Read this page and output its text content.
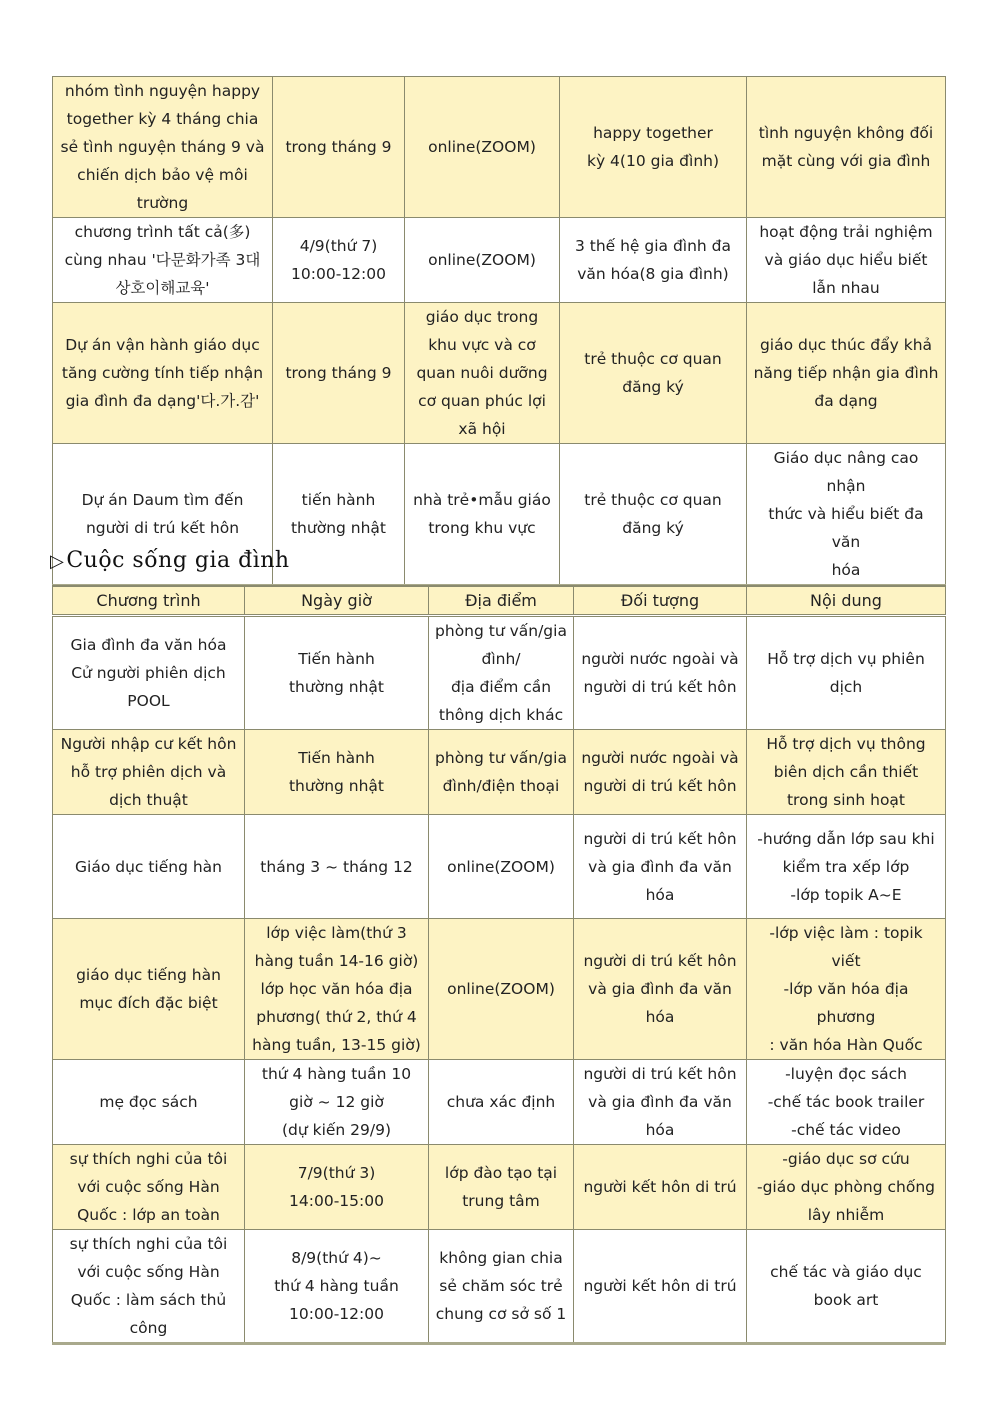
nhóm tình nguyện happy
together kỳ 4 tháng chia
sẻ tình nguyện tháng 9 và
chiến dịch bảo vệ môi
trường	trong tháng 9	online(ZOOM)	happy together
kỳ 4(10 gia đình)	tình nguyện không đối
mặt cùng với gia đình

chương trình tất cả(多)
cùng nhau '다문화가족 3대
상호이해교육'	4/9(thứ 7)
10:00-12:00	online(ZOOM)	3 thế hệ gia đình đa
văn hóa(8 gia đình)	hoạt động trải nghiệm
và giáo dục hiểu biết
lẫn nhau

Dự án vận hành giáo dục
tăng cường tính tiếp nhận
gia đình đa dạng'다.가.감'	trong tháng 9	giáo dục trong
khu vực và cơ
quan nuôi dưỡng
cơ quan phúc lợi
xã hội	trẻ thuộc cơ quan
đăng ký	giáo dục thúc đẩy khả
năng tiếp nhận gia đình
đa dạng

Dự án Daum tìm đến
người di trú kết hôn	tiến hành
thường nhật	nhà trẻ•mẫu giáo
trong khu vực	trẻ thuộc cơ quan
đăng ký	Giáo dục nâng cao nhận
thức và hiểu biết đa văn
hóa
▷Cuộc sống gia đình
Chương trình	Ngày giờ	Địa điểm	Đối tượng	Nội dung

Gia đình đa văn hóa
Cử người phiên dịch
POOL	Tiến hành
thường nhật	phòng tư vấn/gia
đình/
địa điểm cần
thông dịch khác	người nước ngoài và
người di trú kết hôn	Hỗ trợ dịch vụ phiên
dịch

Người nhập cư kết hôn
hỗ trợ phiên dịch và
dịch thuật	Tiến hành
thường nhật	phòng tư vấn/gia
đình/điện thoại	người nước ngoài và
người di trú kết hôn	Hỗ trợ dịch vụ thông
biên dịch cần thiết
trong sinh hoạt

Giáo dục tiếng hàn	tháng 3 ~ tháng 12	online(ZOOM)	người di trú kết hôn
và gia đình đa văn
hóa	-hướng dẫn lớp sau khi
kiểm tra xếp lớp
-lớp topik A~E

giáo dục tiếng hàn
mục đích đặc biệt	lớp việc làm(thứ 3
hàng tuần 14-16 giờ)
lớp học văn hóa địa
phương( thứ 2, thứ 4
hàng tuần, 13-15 giờ)	online(ZOOM)	người di trú kết hôn
và gia đình đa văn
hóa	-lớp việc làm : topik viết
-lớp văn hóa địa phương
: văn hóa Hàn Quốc

mẹ đọc sách	thứ 4 hàng tuần 10
giờ ~ 12 giờ
(dự kiến 29/9)	chưa xác định	người di trú kết hôn
và gia đình đa văn
hóa	-luyện đọc sách
-chế tác book trailer
-chế tác video

sự thích nghi của tôi
với cuộc sống Hàn
Quốc : lớp an toàn	7/9(thứ 3)
14:00-15:00	lớp đào tạo tại
trung tâm	người kết hôn di trú	-giáo dục sơ cứu
-giáo dục phòng chống
lây nhiễm

sự thích nghi của tôi
với cuộc sống Hàn
Quốc : làm sách thủ
công	8/9(thứ 4)~
thứ 4 hàng tuần
10:00-12:00	không gian chia
sẻ chăm sóc trẻ
chung cơ sở số 1	người kết hôn di trú	chế tác và giáo dục
book art
